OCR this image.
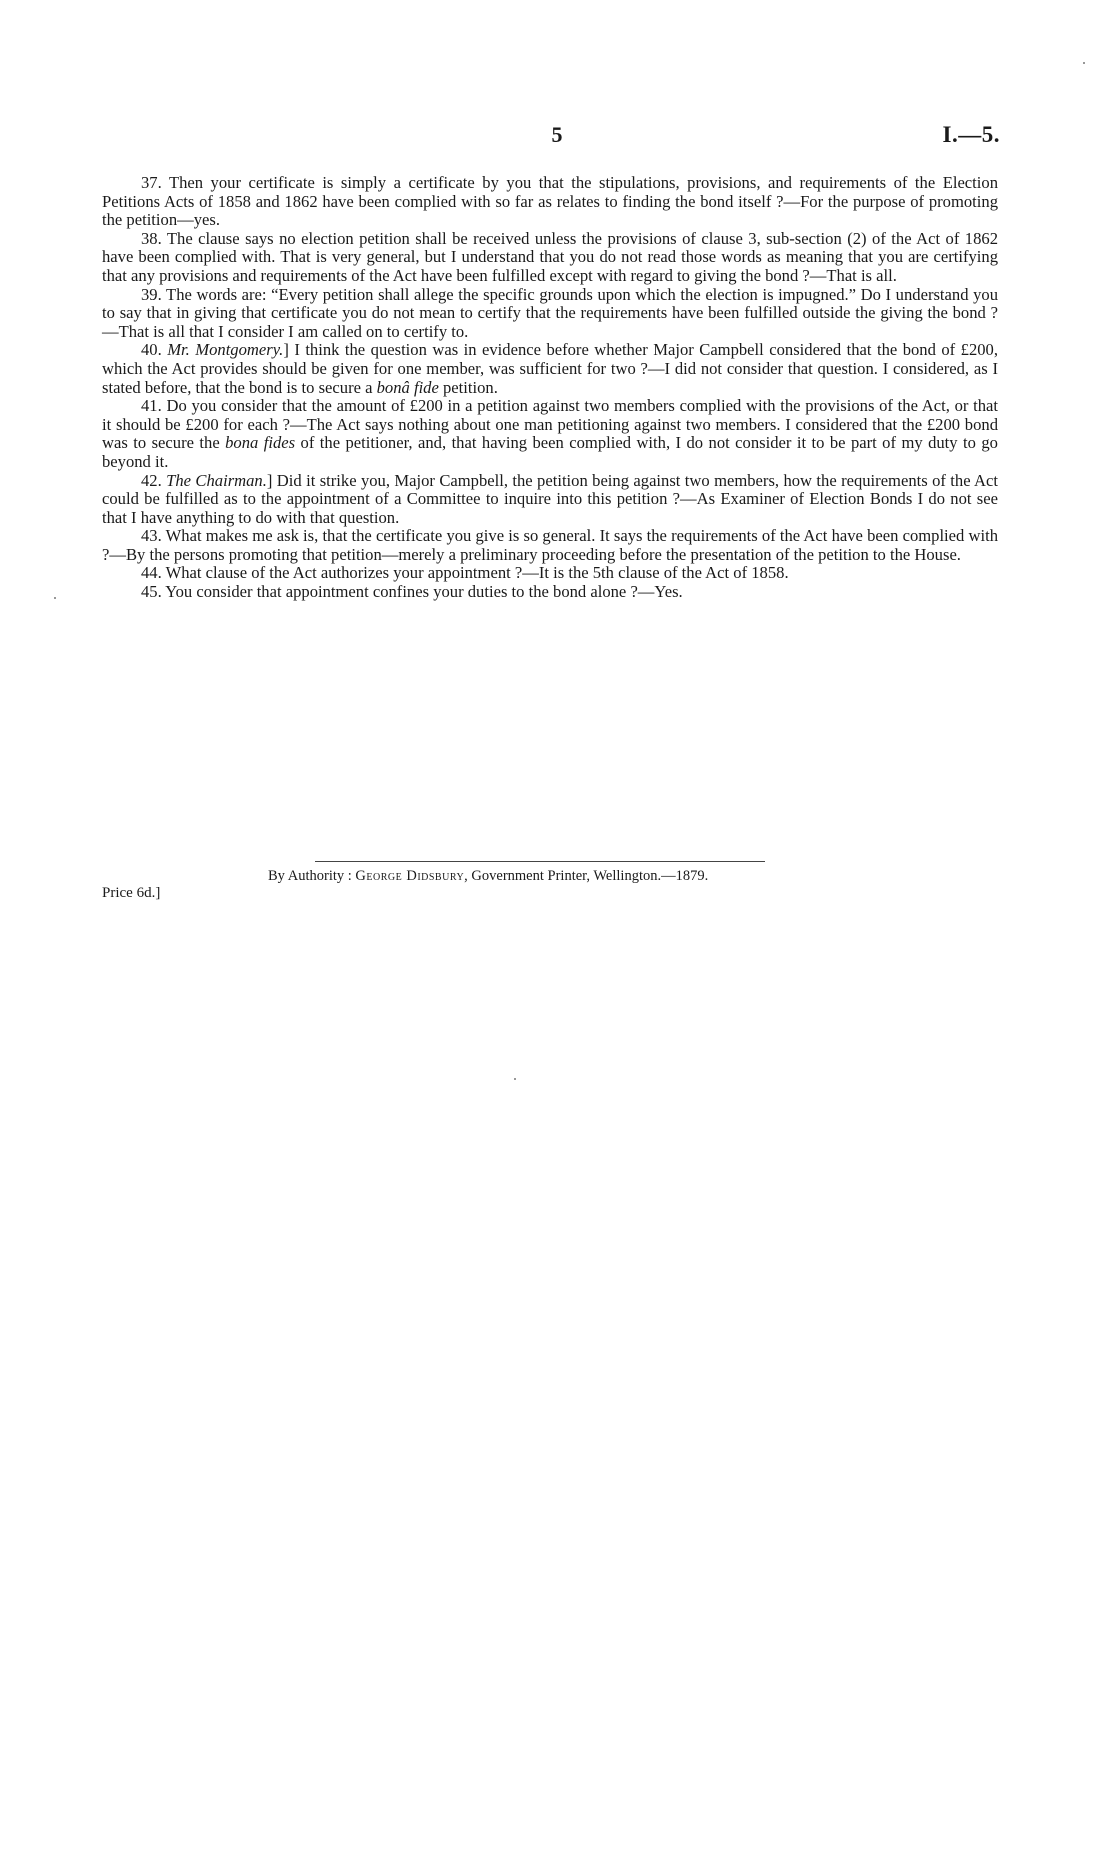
5	I.—5.

37. Then your certificate is simply a certificate by you that the stipulations, provisions, and requirements of the Election Petitions Acts of 1858 and 1862 have been complied with so far as relates to finding the bond itself ?—For the purpose of promoting the petition—yes.

38. The clause says no election petition shall be received unless the provisions of clause 3, sub-section (2) of the Act of 1862 have been complied with. That is very general, but I understand that you do not read those words as meaning that you are certifying that any provisions and requirements of the Act have been fulfilled except with regard to giving the bond ?—That is all.

39. The words are: “Every petition shall allege the specific grounds upon which the election is impugned.” Do I understand you to say that in giving that certificate you do not mean to certify that the requirements have been fulfilled outside the giving the bond ?—That is all that I consider I am called on to certify to.

40. Mr. Montgomery.] I think the question was in evidence before whether Major Campbell considered that the bond of £200, which the Act provides should be given for one member, was sufficient for two ?—I did not consider that question. I considered, as I stated before, that the bond is to secure a bonâ fide petition.

41. Do you consider that the amount of £200 in a petition against two members complied with the provisions of the Act, or that it should be £200 for each ?—The Act says nothing about one man petitioning against two members. I considered that the £200 bond was to secure the bona fides of the petitioner, and, that having been complied with, I do not consider it to be part of my duty to go beyond it.

42. The Chairman.] Did it strike you, Major Campbell, the petition being against two members, how the requirements of the Act could be fulfilled as to the appointment of a Committee to inquire into this petition ?—As Examiner of Election Bonds I do not see that I have anything to do with that question.

43. What makes me ask is, that the certificate you give is so general. It says the requirements of the Act have been complied with ?—By the persons promoting that petition—merely a preliminary proceeding before the presentation of the petition to the House.

44. What clause of the Act authorizes your appointment ?—It is the 5th clause of the Act of 1858.

45. You consider that appointment confines your duties to the bond alone ?—Yes.

By Authority : George Didsbury, Government Printer, Wellington.—1879.

Price 6d.]
